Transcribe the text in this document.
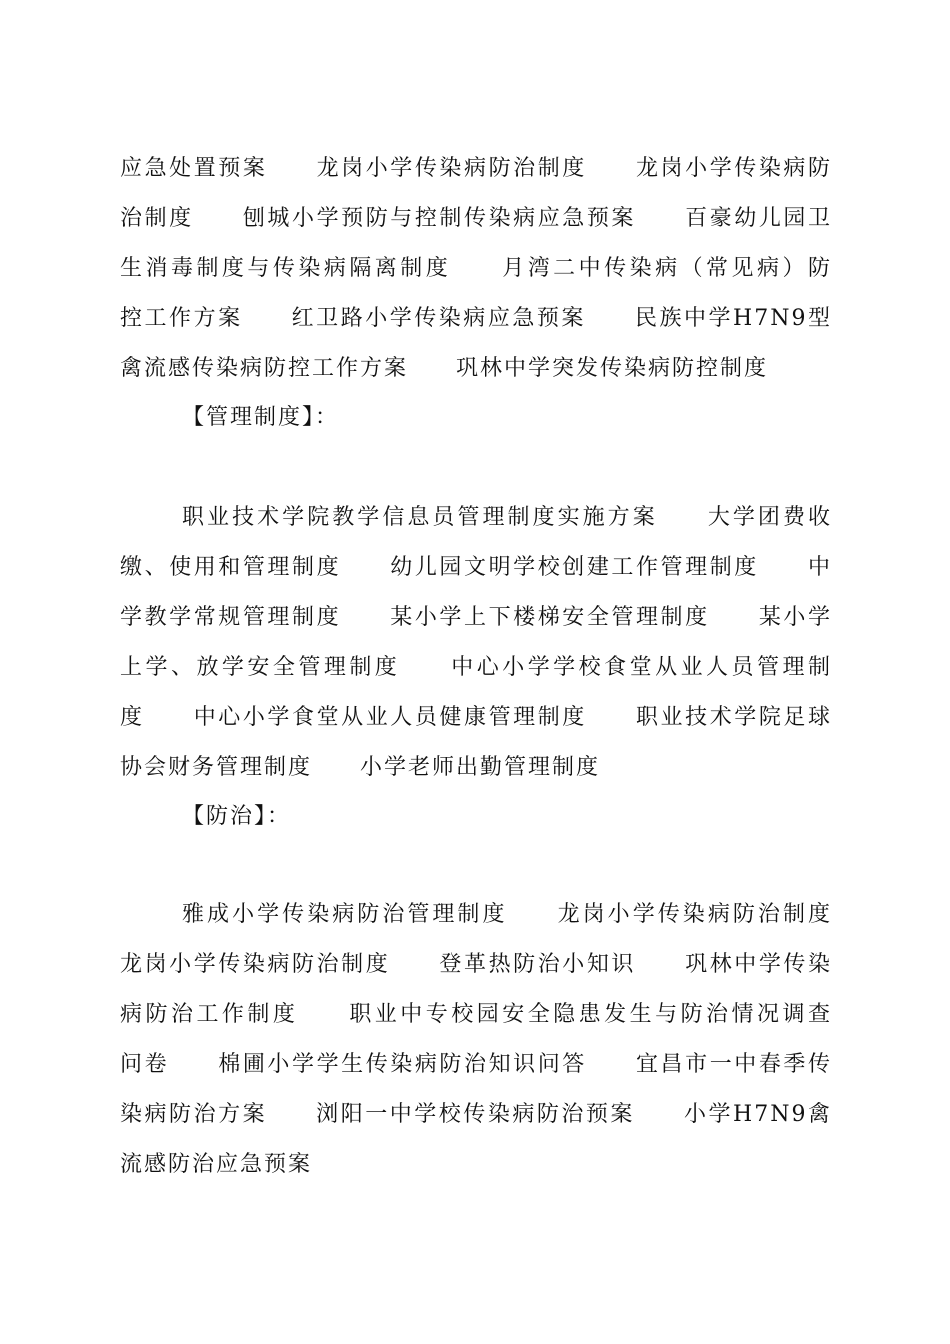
应急处置预案　　龙岗小学传染病防治制度　　龙岗小学传染病防
治制度　　刨城小学预防与控制传染病应急预案　　百豪幼儿园卫
生消毒制度与传染病隔离制度　　月湾二中传染病（常见病）防
控工作方案　　红卫路小学传染病应急预案　　民族中学H7N9型
禽流感传染病防控工作方案　　巩林中学突发传染病防控制度
【管理制度】：
职业技术学院教学信息员管理制度实施方案　　大学团费收
缴、使用和管理制度　　幼儿园文明学校创建工作管理制度　　中
学教学常规管理制度　　某小学上下楼梯安全管理制度　　某小学
上学、放学安全管理制度　　中心小学学校食堂从业人员管理制
度　　中心小学食堂从业人员健康管理制度　　职业技术学院足球
协会财务管理制度　　小学老师出勤管理制度
【防治】：
雅成小学传染病防治管理制度　　龙岗小学传染病防治制度
龙岗小学传染病防治制度　　登革热防治小知识　　巩林中学传染
病防治工作制度　　职业中专校园安全隐患发生与防治情况调查
问卷　　棉圃小学学生传染病防治知识问答　　宜昌市一中春季传
染病防治方案　　浏阳一中学校传染病防治预案　　小学H7N9禽
流感防治应急预案
